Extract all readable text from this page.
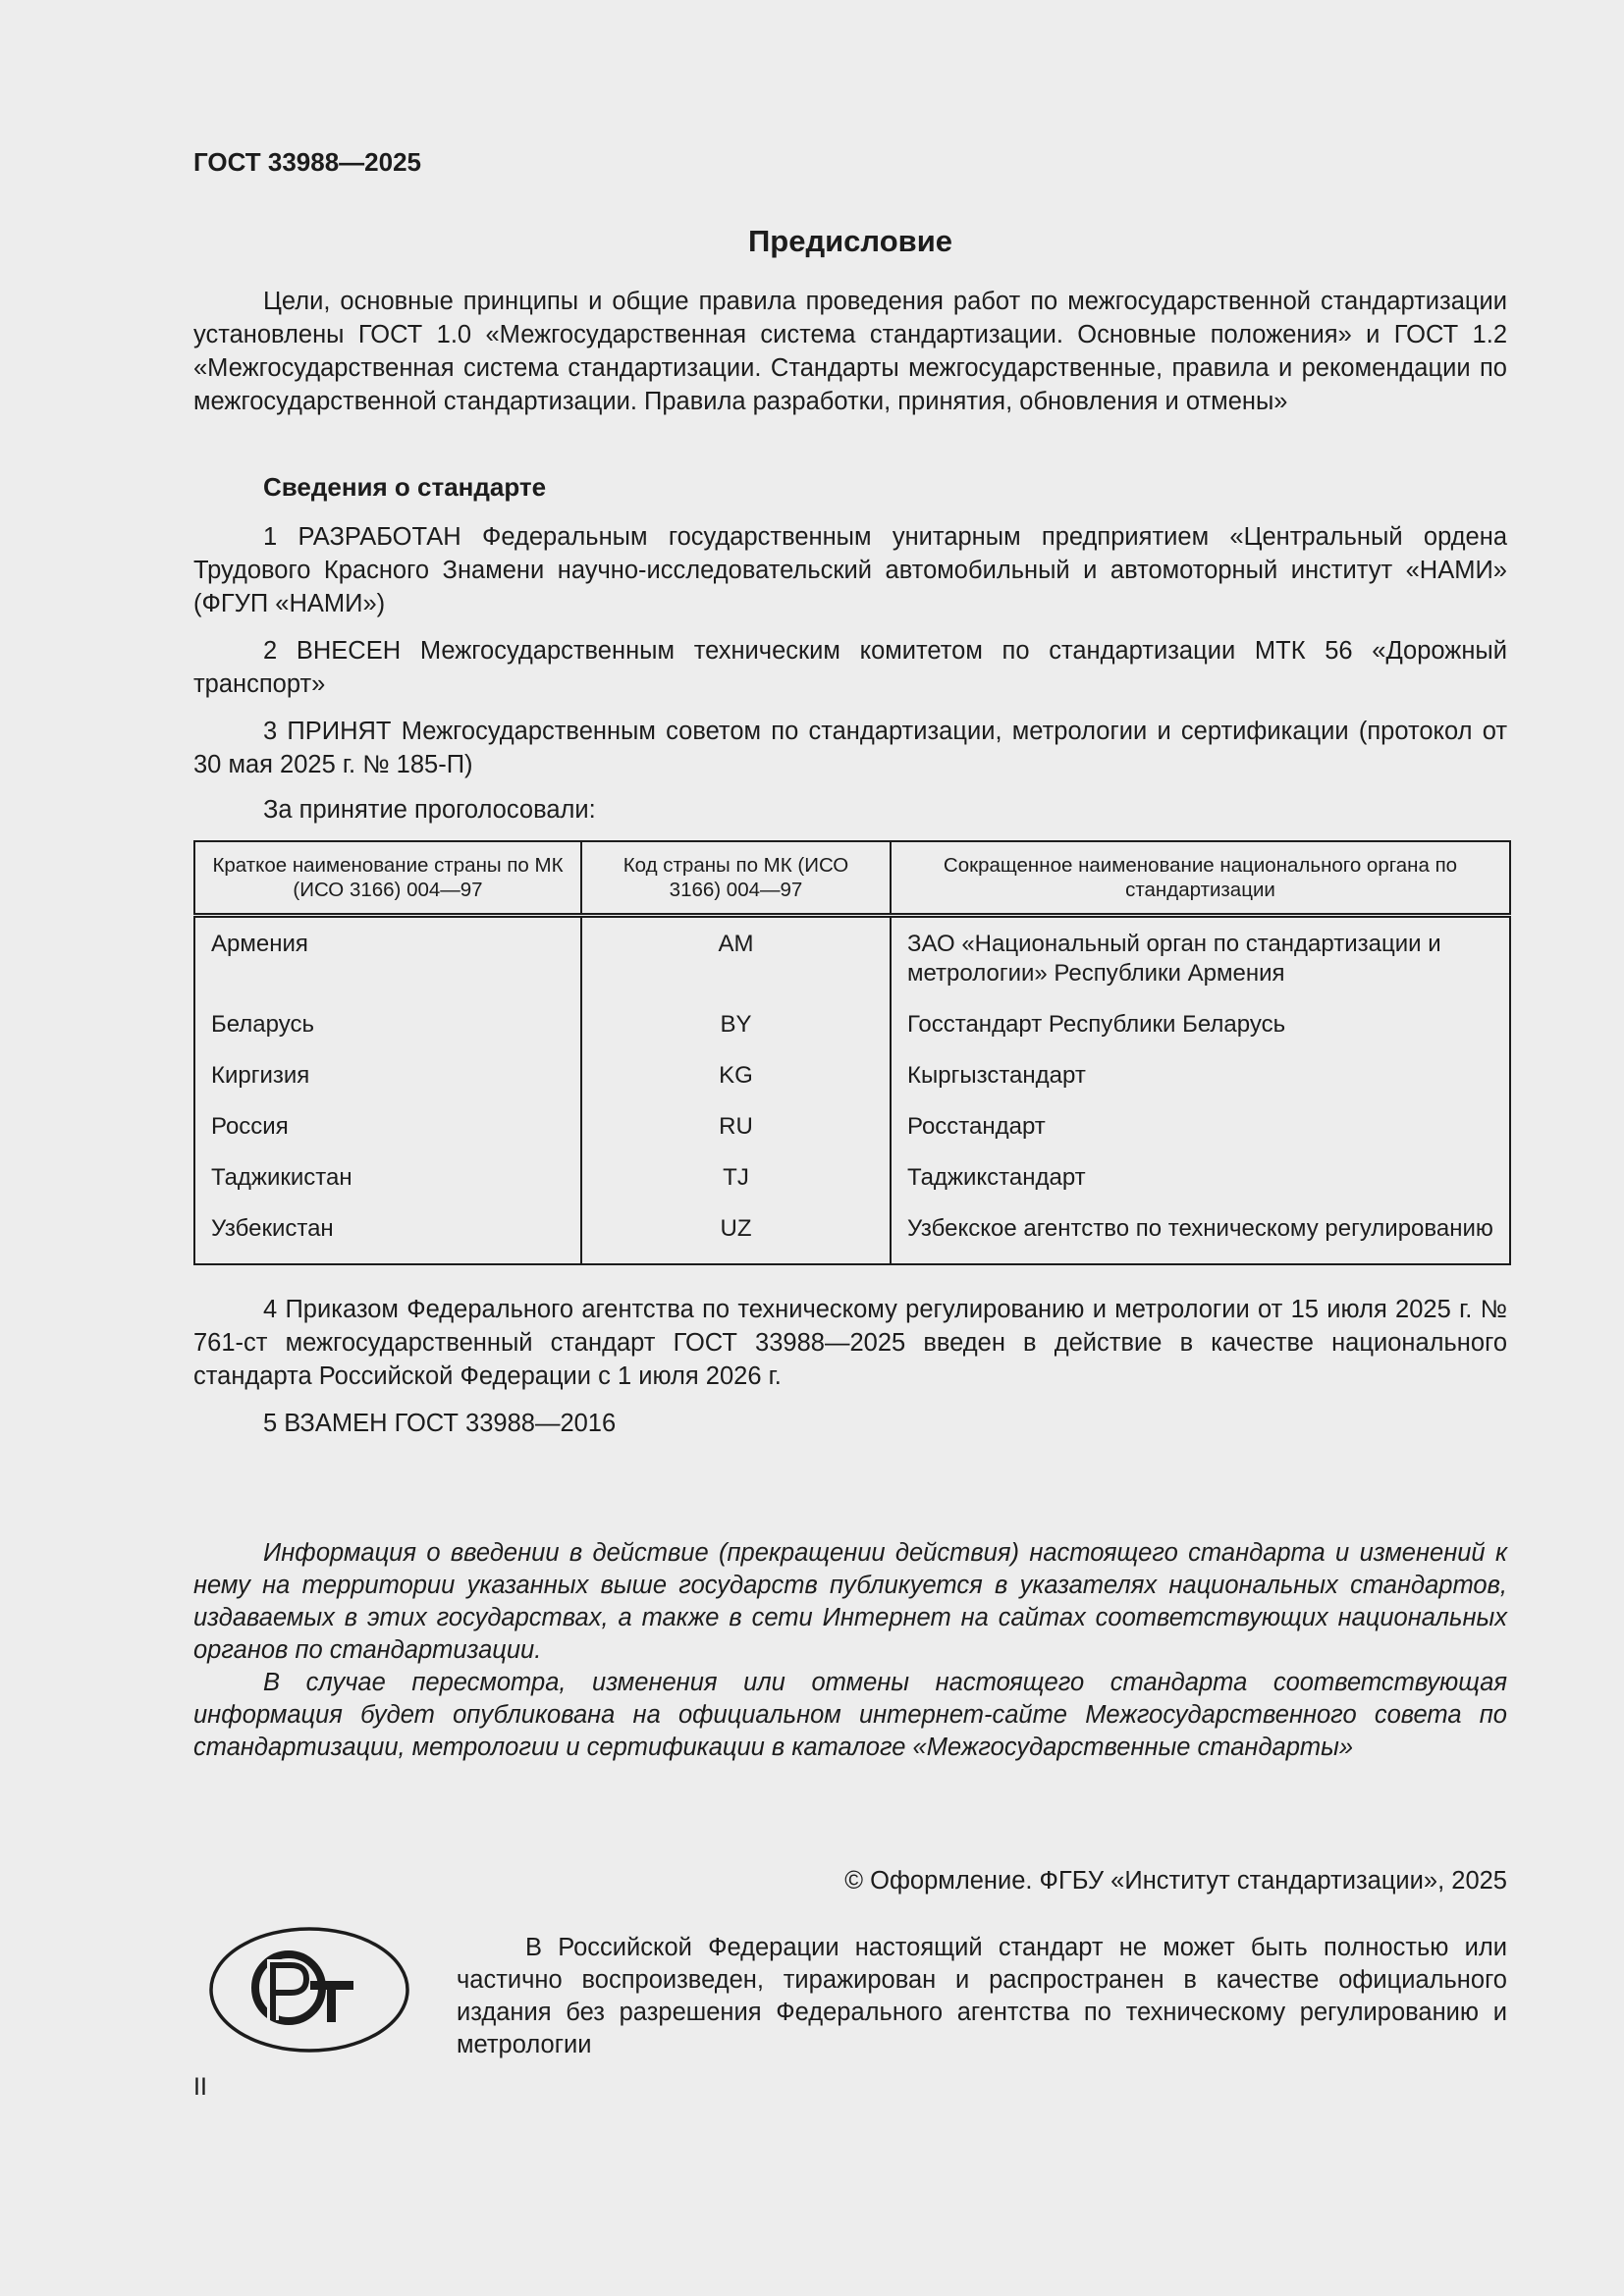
ГОСТ 33988—2025
Предисловие

Цели, основные принципы и общие правила проведения работ по межгосударственной стандартизации установлены ГОСТ 1.0 «Межгосударственная система стандартизации. Основные положения» и ГОСТ 1.2 «Межгосударственная система стандартизации. Стандарты межгосударственные, правила и рекомендации по межгосударственной стандартизации. Правила разработки, принятия, обновления и отмены»

Сведения о стандарте

1 РАЗРАБОТАН Федеральным государственным унитарным предприятием «Центральный ордена Трудового Красного Знамени научно-исследовательский автомобильный и автомоторный институт «НАМИ» (ФГУП «НАМИ»)

2 ВНЕСЕН Межгосударственным техническим комитетом по стандартизации МТК 56 «Дорожный транспорт»

3 ПРИНЯТ Межгосударственным советом по стандартизации, метрологии и сертификации (протокол от 30 мая 2025 г. № 185-П)

За принятие проголосовали:
Краткое наименование страны по МК (ИСО 3166) 004—97	Код страны по МК (ИСО 3166) 004—97	Сокращенное наименование национального органа по стандартизации
Армения	AM	ЗАО «Национальный орган по стандартизации и метрологии» Республики Армения
Беларусь	BY	Госстандарт Республики Беларусь
Киргизия	KG	Кыргызстандарт
Россия	RU	Росстандарт
Таджикистан	TJ	Таджикстандарт
Узбекистан	UZ	Узбекское агентство по техническому регулированию

4 Приказом Федерального агентства по техническому регулированию и метрологии от 15 июля 2025 г. № 761-ст межгосударственный стандарт ГОСТ 33988—2025 введен в действие в качестве национального стандарта Российской Федерации с 1 июля 2026 г.

5 ВЗАМЕН ГОСТ 33988—2016

Информация о введении в действие (прекращении действия) настоящего стандарта и изменений к нему на территории указанных выше государств публикуется в указателях национальных стандартов, издаваемых в этих государствах, а также в сети Интернет на сайтах соответствующих национальных органов по стандартизации.

В случае пересмотра, изменения или отмены настоящего стандарта соответствующая информация будет опубликована на официальном интернет-сайте Межгосударственного совета по стандартизации, метрологии и сертификации в каталоге «Межгосударственные стандарты»

© Оформление. ФГБУ «Институт стандартизации», 2025

В Российской Федерации настоящий стандарт не может быть полностью или частично воспроизведен, тиражирован и распространен в качестве официального издания без разрешения Федерального агентства по техническому регулированию и метрологии

II
